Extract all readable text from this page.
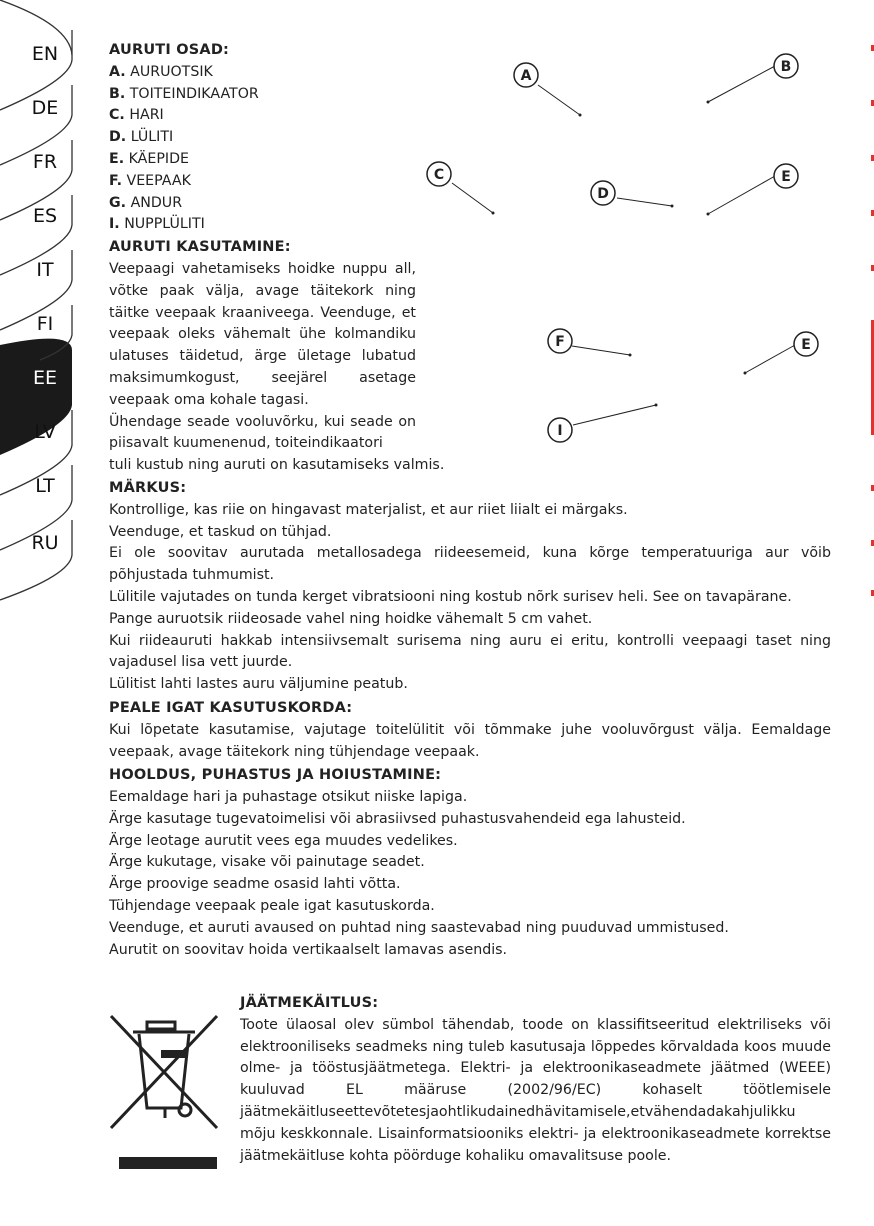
EN
DE
FR
ES
IT
FI
EE
LV
LT
RU
A
B
C
D
E
F	E
I

AURUTI OSAD:

A. AURUOTSIK
B. TOITEINDIKAATOR
C. HARI
D. LÜLITI
E. KÄEPIDE
F. VEEPAAK
G. ANDUR
I. NUPPLÜLITI

AURUTI KASUTAMINE:

Veepaagi vahetamiseks hoidke nuppu all, võtke paak välja, avage täitekork ning täitke veepaak kraaniveega. Veenduge, et veepaak oleks vähemalt ühe kolmandiku ulatuses täidetud, ärge ületage lubatud maksimumkogust, seejärel asetage veepaak oma kohale tagasi.

Ühendage seade vooluvõrku, kui seade on piisavalt kuumenenud, toiteindikaatori

tuli kustub ning auruti on kasutamiseks valmis.

MÄRKUS:

Kontrollige, kas riie on hingavast materjalist, et aur riiet liialt ei märgaks.

Veenduge, et taskud on tühjad.

Ei ole soovitav aurutada metallosadega riideesemeid, kuna kõrge temperatuuriga aur võib põhjustada tuhmumist.

Lülitile vajutades on tunda kerget vibratsiooni ning kostub nõrk surisev heli. See on tavapärane.

Pange auruotsik riideosade vahel ning hoidke vähemalt 5 cm vahet.

Kui riideauruti hakkab intensiivsemalt surisema ning auru ei eritu, kontrolli veepaagi taset ning vajadusel lisa vett juurde.

Lülitist lahti lastes auru väljumine peatub.

PEALE IGAT KASUTUSKORDA:

Kui lõpetate kasutamise, vajutage toitelülitit või tõmmake juhe vooluvõrgust välja. Eemaldage veepaak, avage täitekork ning tühjendage veepaak.

HOOLDUS, PUHASTUS JA HOIUSTAMINE:

Eemaldage hari ja puhastage otsikut niiske lapiga.

Ärge kasutage tugevatoimelisi või abrasiivsed puhastusvahendeid ega lahusteid.

Ärge leotage aurutit vees ega muudes vedelikes.

Ärge kukutage, visake või painutage seadet.

Ärge proovige seadme osasid lahti võtta.

Tühjendage veepaak peale igat kasutuskorda.

Veenduge, et auruti avaused on puhtad ning saastevabad ning puuduvad ummistused.

Aurutit on soovitav hoida vertikaalselt lamavas asendis.

JÄÄTMEKÄITLUS:

Toote ülaosal olev sümbol tähendab, toode on klassifitseeritud elektriliseks või elektrooniliseks seadmeks ning tuleb kasutusaja lõppedes kõrvaldada koos muude olme- ja tööstusjäätmetega. Elektri- ja elektroonikaseadmete jäätmed (WEEE) kuuluvad EL määruse (2002/96/EC) kohaselt töötlemisele jäätmekäitluseettevõtetesjaohtlikudainedhävitamisele,etvähendadakahjulikku mõju keskkonnale. Lisainformatsiooniks elektri- ja elektroonikaseadmete korrektse jäätmekäitluse kohta pöörduge kohaliku omavalitsuse poole.
